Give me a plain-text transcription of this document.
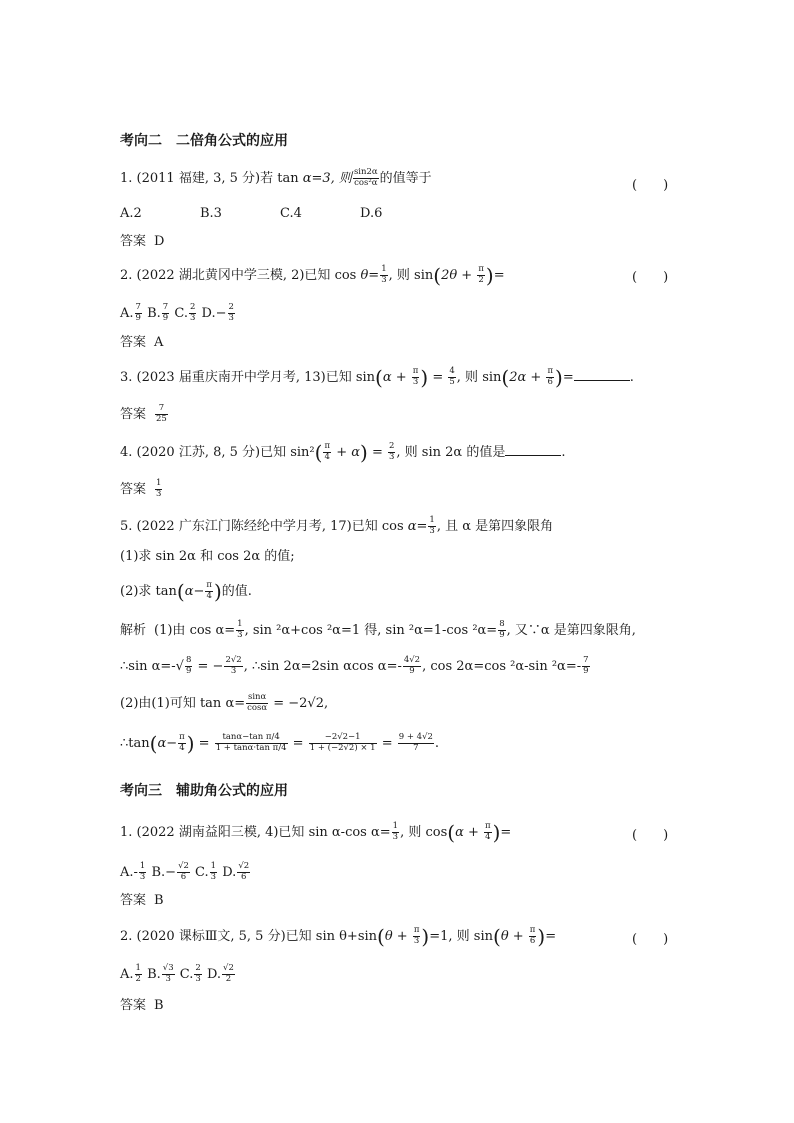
考向二　二倍角公式的应用
1. (2011 福建, 3, 5 分)若 tan α=3, 则 $\frac{\sin 2\alpha}{\text{cos²α}}$ 的值等于	(　　)
A.2	B.3	C.4	D.6
答案 D
2. (2022 湖北黄冈中学三模, 2)已知 $\cos \theta= \frac{1}{3}$ , 则 $\sin(2\theta + \frac{\pi}{2}$ )=	(　　)
A. $\frac{7}{9} B$. $\frac{7}{9} C$. $\frac{2}{3} D.- \frac{2}{3}$
答案 A
3. (2023 届重庆南开中学月考, 13)已知 $\sin(\alpha + \frac{\pi}{3}$ ) = $\frac{4}{5}$ , 则 $\sin(2\alpha + \frac{\pi}{6}$ )=	.
答案 $\frac{7}{25}$
4. (2020 江苏, 8, 5 分)已知 $\sin^2( \frac{\pi}{4} + \alpha) = \frac{2}{3}$ , 则 sin 2α 的值是	.
答案 $\frac{1}{3}$
5. (2022 广东江门陈经纶中学月考, 17)已知 $\cos \alpha= \frac{1}{3}$ , 且 α 是第四象限角
(1)求 sin 2α 和 cos 2α 的值;
(2)求 $\tan(\alpha- \frac{\pi}{4}$ )的值.
解析 (1)由 $\cos \alpha= \frac{1}{3}$ , sin ²α+cos ²α=1 得, sin ²α=1-cos $^2\alpha= \frac{8}{9}$ , 又∵α 是第四象限角,
∴sin $\alpha=-√ \frac{8}{9}$ = − $\frac{2√2}{3}$ , ∴sin 2α=2sin αcos $\alpha=- \frac{4√2}{9}$ , cos 2α=cos ²α-sin $^2\alpha=- \frac{7}{9}$
(2)由(1)可知 $\tan \alpha= \frac{\sin\alpha}{\cos\alpha} = -2√2$,
∴tan(α− $\frac{\pi}{4}$ ) = $\frac{\text{tanα−tan π/4}}{\text{1 + tanα·tan π/4}} = \frac{-2√2-1}{1 + (-2√2) \times 1} = \frac{9 + 4√2}{7}$ .
考向三　辅助角公式的应用
1. (2022 湖南益阳三模, 4)已知 sin α-cos $\alpha= \frac{1}{3}$ , 则 $\cos(\alpha + \frac{\pi}{4}$ )=	(　　)
$A.- \frac{1}{3} B.- \frac{√2}{6} C$. $\frac{1}{3} D$. $\frac{√2}{6}$
答案 B
2. (2020 课标Ⅲ文, 5, 5 分)已知 $\sin \theta+\sin(\theta + \frac{\pi}{3} )=1$, 则 $\sin(\theta + \frac{\pi}{6}$ )=	(　　)
A. $\frac{1}{2} B$. $\frac{√3}{3} C$. $\frac{2}{3} D$. $\frac{√2}{2}$
答案 B
